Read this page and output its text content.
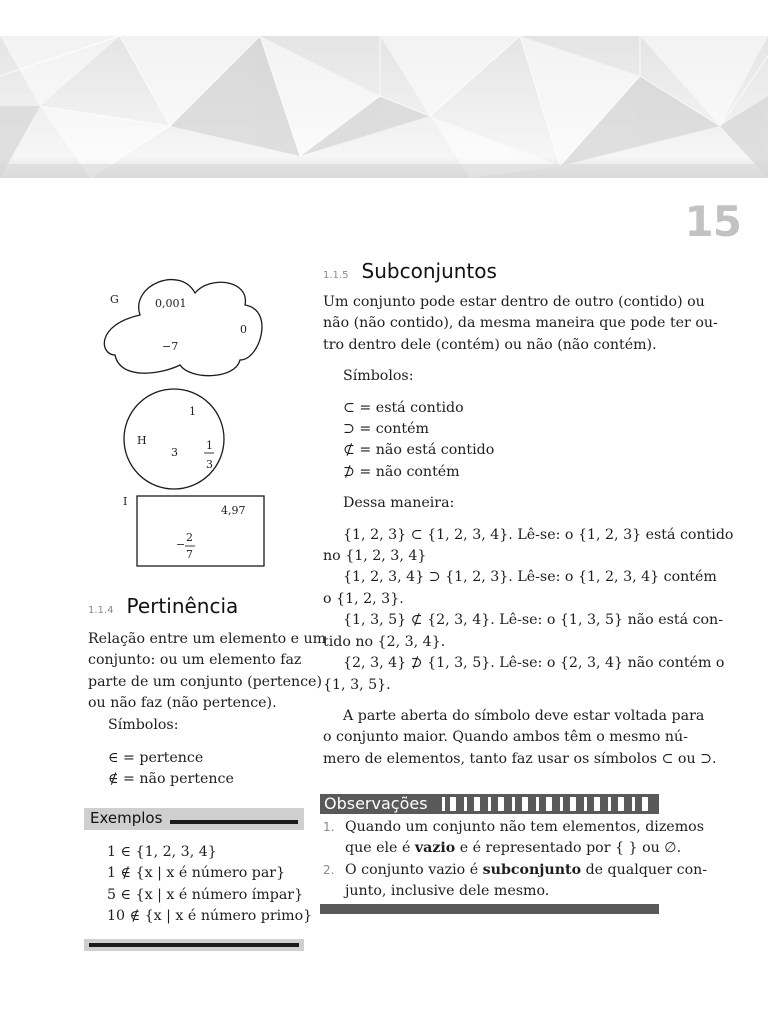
15
G	0,001
0
−7
H
1
3
1
3
I
4,97
−
2
7
1.1.4 Pertinência
Relação entre um elemento e um
conjunto: ou um elemento faz
parte de um conjunto (pertence)
ou não faz (não pertence).
Símbolos:
∈ = pertence
∉ = não pertence
Exemplos
1 ∈ {1, 2, 3, 4}
1 ∉ {x | x é número par}
5 ∈ {x | x é número ímpar}
10 ∉ {x | x é número primo}
1.1.5 Subconjuntos
Um conjunto pode estar dentro de outro (contido) ou
não (não contido), da mesma maneira que pode ter ou-
tro dentro dele (contém) ou não (não contém).
Símbolos:
⊂ = está contido
⊃ = contém
⊄ = não está contido
⊅ = não contém
Dessa maneira:
{1, 2, 3} ⊂ {1, 2, 3, 4}. Lê-se: o {1, 2, 3} está contido
no {1, 2, 3, 4}
{1, 2, 3, 4} ⊃ {1, 2, 3}. Lê-se: o {1, 2, 3, 4} contém
o {1, 2, 3}.
{1, 3, 5} ⊄ {2, 3, 4}. Lê-se: o {1, 3, 5} não está con-
tido no {2, 3, 4}.
{2, 3, 4} ⊅ {1, 3, 5}. Lê-se: o {2, 3, 4} não contém o
{1, 3, 5}.
A parte aberta do símbolo deve estar voltada para
o conjunto maior. Quando ambos têm o mesmo nú-
mero de elementos, tanto faz usar os símbolos ⊂ ou ⊃.
Observações
1. Quando um conjunto não tem elementos, dizemos
que ele é vazio e é representado por { } ou ∅.
2. O conjunto vazio é subconjunto de qualquer con-
junto, inclusive dele mesmo.
